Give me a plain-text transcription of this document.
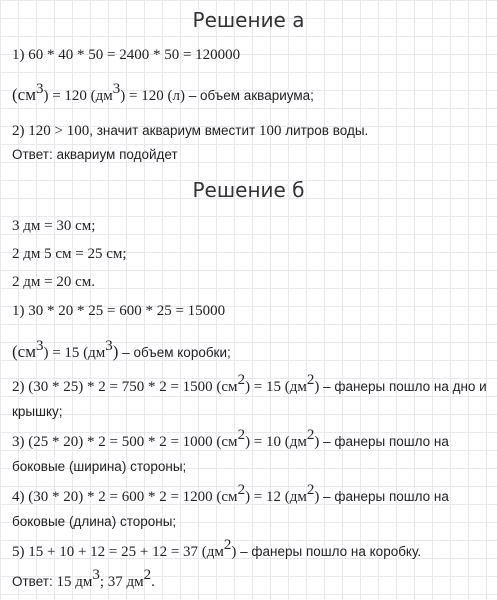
Решение а
1) 60 * 40 * 50 = 2400 * 50 = 120000
$(см^3) = 120$ $(дм^3) = 120$ (л) – объем аквариума;
2) 120 > 100, значит аквариум вместит 100 литров воды.
Ответ: аквариум подойдет
Решение б
3 дм = 30 см;
2 дм 5 см = 25 см;
2 дм = 20 см.
1) 30 * 20 * 25 = 600 * 25 = 15000
$(см^3) = 15$ $(дм^3)$ – объем коробки;
2) (30 * 25) * 2 = 750 * 2 = 1500 $(см^2) = 15$ $(дм^2)$ – фанеры пошло на дно и
крышку;
3) (25 * 20) * 2 = 500 * 2 = 1000 $(см^2) = 10$ $(дм^2)$ – фанеры пошло на
боковые (ширина) стороны;
4) (30 * 20) * 2 = 600 * 2 = 1200 $(см^2) = 12$ $(дм^2)$ – фанеры пошло на
боковые (длина) стороны;
5) 15 + 10 + 12 = 25 + 12 = 37 $(дм^2)$ – фанеры пошло на коробку.
Ответ: 15 $дм^3$; 37 $дм^2$.
